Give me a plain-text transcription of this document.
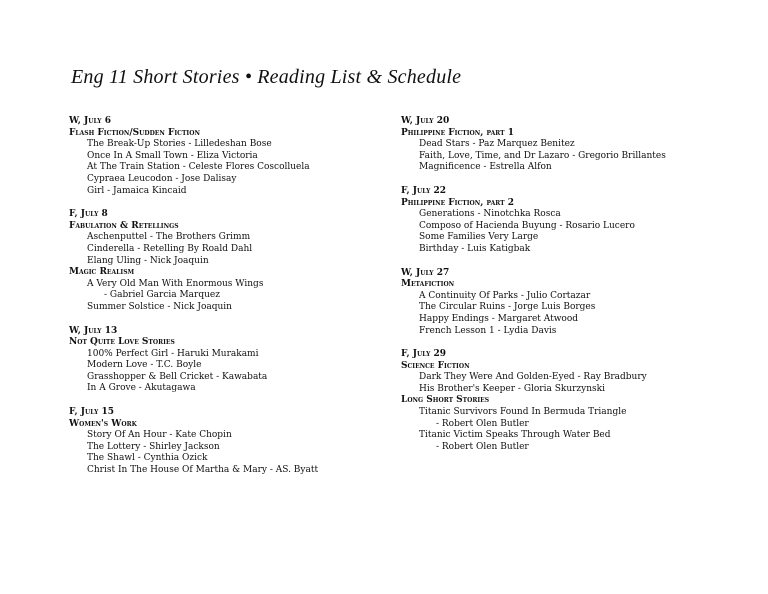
Eng 11 Short Stories • Reading List & Schedule
W, July 6
Flash Fiction/Sudden Fiction
The Break-Up Stories - Lilledeshan Bose
Once In A Small Town - Eliza Victoria
At The Train Station - Celeste Flores Coscolluela
Cypraea Leucodon - Jose Dalisay
Girl - Jamaica Kincaid
F, July 8
Fabulation & Retellings
Aschenputtel - The Brothers Grimm
Cinderella - Retelling By Roald Dahl
Elang Uling - Nick Joaquin
Magic Realism
A Very Old Man With Enormous Wings
- Gabriel Garcia Marquez
Summer Solstice - Nick Joaquin
W, July 13
Not Quite Love Stories
100% Perfect Girl - Haruki Murakami
Modern Love - T.C. Boyle
Grasshopper & Bell Cricket - Kawabata
In A Grove - Akutagawa
F, July 15
Women's Work
Story Of An Hour - Kate Chopin
The Lottery - Shirley Jackson
The Shawl - Cynthia Ozick
Christ In The House Of Martha & Mary - AS. Byatt
W, July 20
Philippine Fiction, part 1
Dead Stars - Paz Marquez Benitez
Faith, Love, Time, and Dr Lazaro - Gregorio Brillantes
Magnificence - Estrella Alfon
F, July 22
Philippine Fiction, part 2
Generations - Ninotchka Rosca
Composo of Hacienda Buyung - Rosario Lucero
Some Families Very Large
Birthday - Luis Katigbak
W, July 27
Metafiction
A Continuity Of Parks - Julio Cortazar
The Circular Ruins - Jorge Luis Borges
Happy Endings - Margaret Atwood
French Lesson 1 - Lydia Davis
F, July 29
Science Fiction
Dark They Were And Golden-Eyed - Ray Bradbury
His Brother's Keeper - Gloria Skurzynski
Long Short Stories
Titanic Survivors Found In Bermuda Triangle
- Robert Olen Butler
Titanic Victim Speaks Through Water Bed
- Robert Olen Butler
